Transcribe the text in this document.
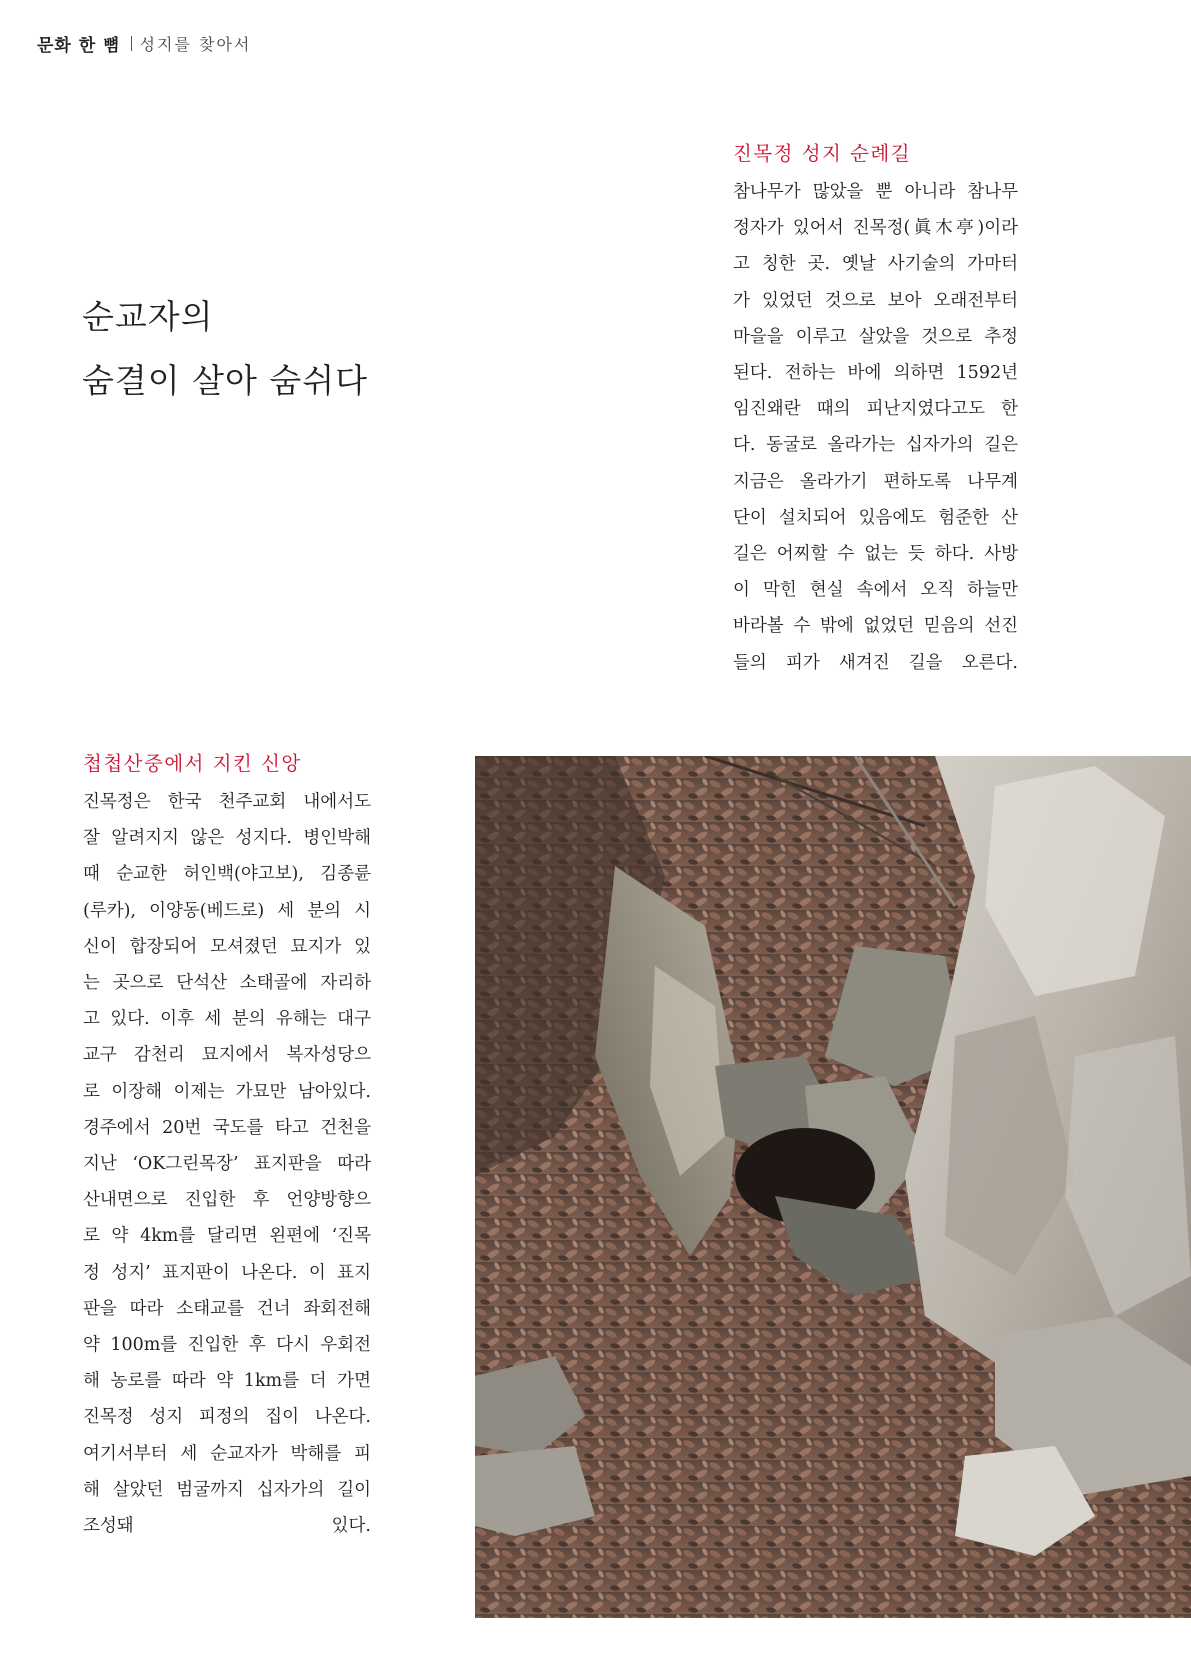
문화 한 뼘 성지를 찾아서
순교자의
숨결이 살아 숨쉬다
진목정 성지 순례길
참나무가 많았을 뿐 아니라 참나무
정자가 있어서 진목정(眞木亭)이라
고 칭한 곳. 옛날 사기술의 가마터
가 있었던 것으로 보아 오래전부터
마을을 이루고 살았을 것으로 추정
된다. 전하는 바에 의하면 1592년
임진왜란 때의 피난지였다고도 한
다. 동굴로 올라가는 십자가의 길은
지금은 올라가기 편하도록 나무계
단이 설치되어 있음에도 험준한 산
길은 어찌할 수 없는 듯 하다. 사방
이 막힌 현실 속에서 오직 하늘만
바라볼 수 밖에 없었던 믿음의 선진
들의 피가 새겨진 길을 오른다.
첩첩산중에서 지킨 신앙
진목정은 한국 천주교회 내에서도
잘 알려지지 않은 성지다. 병인박해
때 순교한 허인백(야고보), 김종륜
(루카), 이양동(베드로) 세 분의 시
신이 합장되어 모셔졌던 묘지가 있
는 곳으로 단석산 소태골에 자리하
고 있다. 이후 세 분의 유해는 대구
교구 감천리 묘지에서 복자성당으
로 이장해 이제는 가묘만 남아있다.
경주에서 20번 국도를 타고 건천을
지난 ‘OK그린목장’ 표지판을 따라
산내면으로 진입한 후 언양방향으
로 약 4km를 달리면 왼편에 ‘진목
정 성지’ 표지판이 나온다. 이 표지
판을 따라 소태교를 건너 좌회전해
약 100m를 진입한 후 다시 우회전
해 농로를 따라 약 1km를 더 가면
진목정 성지 피정의 집이 나온다.
여기서부터 세 순교자가 박해를 피
해 살았던 범굴까지 십자가의 길이
조성돼 있다.
